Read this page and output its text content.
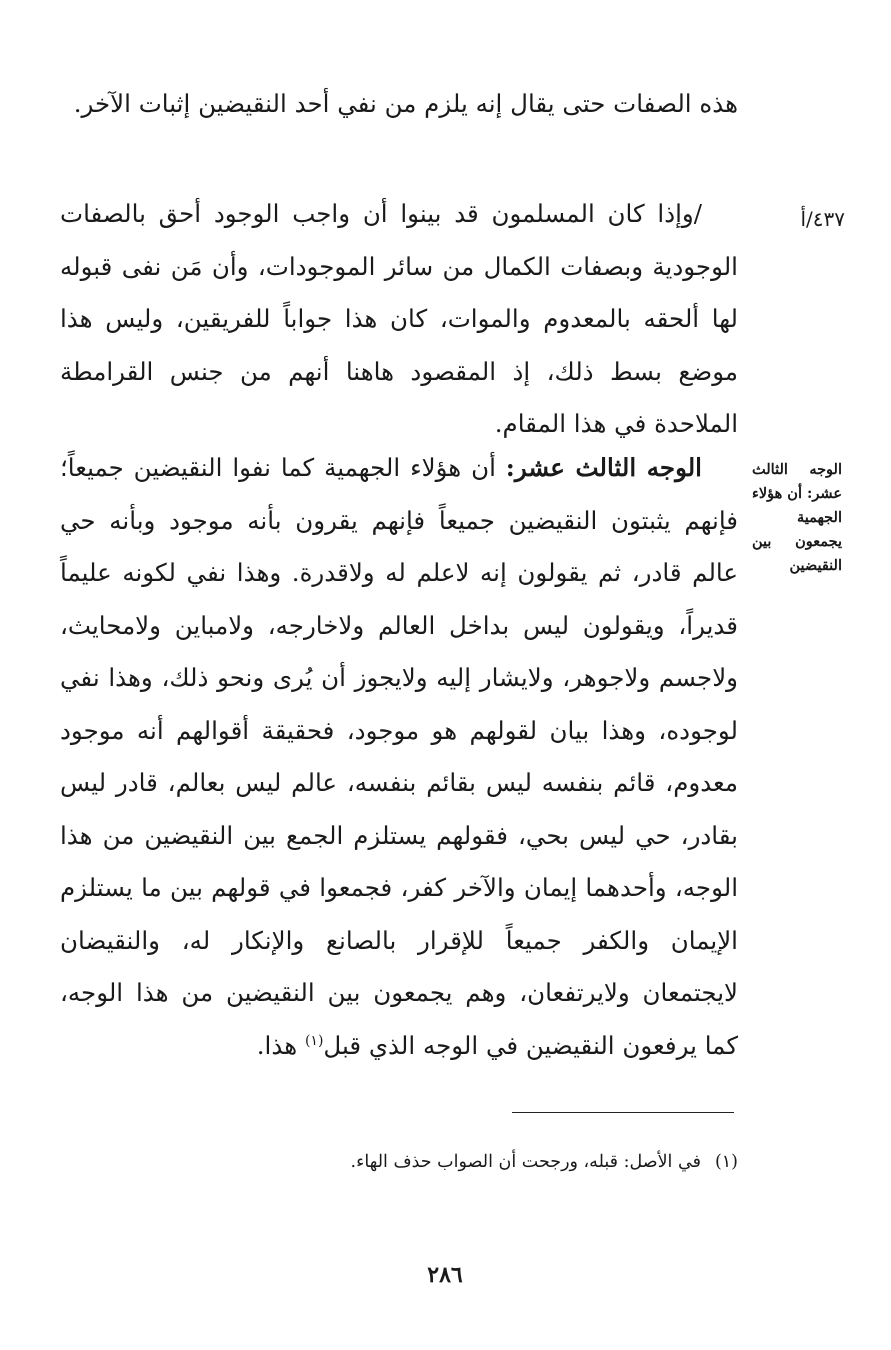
هذه الصفات حتى يقال إنه يلزم من نفي أحد النقيضين إثبات الآخر.

٤٣٧/أ

/وإذا كان المسلمون قد بينوا أن واجب الوجود أحق بالصفات الوجودية وبصفات الكمال من سائر الموجودات، وأن مَن نفى قبوله لها ألحقه بالمعدوم والموات، كان هذا جواباً للفريقين، وليس هذا موضع بسط ذلك، إذ المقصود هاهنا أنهم من جنس القرامطة الملاحدة في هذا المقام.

الوجه الثالث عشر: أن هؤلاء الجهمية يجمعون بين النقيضين

الوجه الثالث عشر: أن هؤلاء الجهمية كما نفوا النقيضين جميعاً؛ فإنهم يثبتون النقيضين جميعاً فإنهم يقرون بأنه موجود وبأنه حي عالم قادر، ثم يقولون إنه لاعلم له ولاقدرة. وهذا نفي لكونه عليماً قديراً، ويقولون ليس بداخل العالم ولاخارجه، ولامباين ولامحايث، ولاجسم ولاجوهر، ولايشار إليه ولايجوز أن يُرى ونحو ذلك، وهذا نفي لوجوده، وهذا بيان لقولهم هو موجود، فحقيقة أقوالهم أنه موجود معدوم، قائم بنفسه ليس بقائم بنفسه، عالم ليس بعالم، قادر ليس بقادر، حي ليس بحي، فقولهم يستلزم الجمع بين النقيضين من هذا الوجه، وأحدهما إيمان والآخر كفر، فجمعوا في قولهم بين ما يستلزم الإيمان والكفر جميعاً للإقرار بالصانع والإنكار له، والنقيضان لايجتمعان ولايرتفعان، وهم يجمعون بين النقيضين من هذا الوجه، كما يرفعون النقيضين في الوجه الذي قبل$^{(١)}$ هذا.

(١)في الأصل: قبله، ورجحت أن الصواب حذف الهاء.
٢٨٦
